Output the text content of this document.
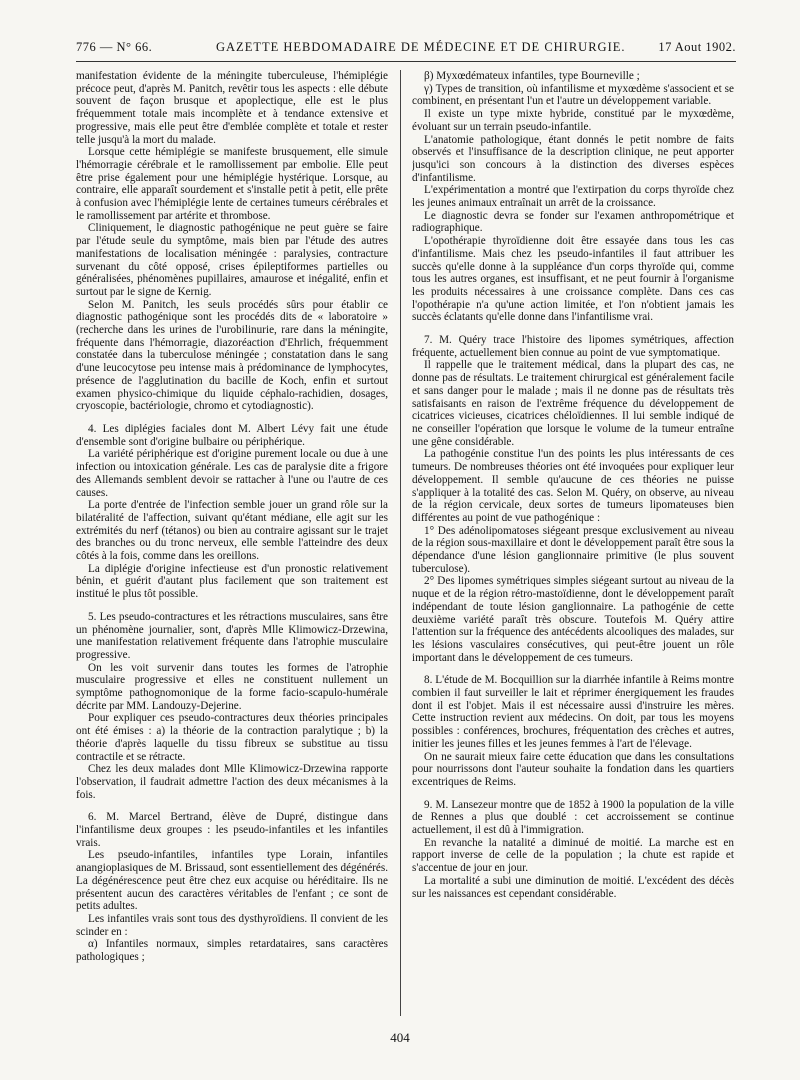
776 — N° 66.	GAZETTE HEBDOMADAIRE DE MÉDECINE ET DE CHIRURGIE.	17 Aout 1902.

manifestation évidente de la méningite tuberculeuse, l'hémiplégie précoce peut, d'après M. Panitch, revêtir tous les aspects : elle débute souvent de façon brusque et apoplectique, elle est le plus fréquemment totale mais incomplète et à tendance extensive et progressive, mais elle peut être d'emblée complète et totale et rester telle jusqu'à la mort du malade.

Lorsque cette hémiplégie se manifeste brusquement, elle simule l'hémorragie cérébrale et le ramollissement par embolie. Elle peut être prise également pour une hémiplégie hystérique. Lorsque, au contraire, elle apparaît sourdement et s'installe petit à petit, elle prête à confusion avec l'hémiplégie lente de certaines tumeurs cérébrales et le ramollissement par artérite et thrombose.

Cliniquement, le diagnostic pathogénique ne peut guère se faire par l'étude seule du symptôme, mais bien par l'étude des autres manifestations de localisation méningée : paralysies, contracture survenant du côté opposé, crises épileptiformes partielles ou généralisées, phénomènes pupillaires, amaurose et inégalité, enfin et surtout par le signe de Kernig.

Selon M. Panitch, les seuls procédés sûrs pour établir ce diagnostic pathogénique sont les procédés dits de « laboratoire » (recherche dans les urines de l'urobilinurie, rare dans la méningite, fréquente dans l'hémorragie, diazoréaction d'Ehrlich, fréquemment constatée dans la tuberculose méningée ; constatation dans le sang d'une leucocytose peu intense mais à prédominance de lymphocytes, présence de l'agglutination du bacille de Koch, enfin et surtout examen physico-chimique du liquide céphalo-rachidien, dosages, cryoscopie, bactériologie, chromo et cytodiagnostic).

4. Les diplégies faciales dont M. Albert Lévy fait une étude d'ensemble sont d'origine bulbaire ou périphérique.

La variété périphérique est d'origine purement locale ou due à une infection ou intoxication générale. Les cas de paralysie dite a frigore des Allemands semblent devoir se rattacher à l'une ou l'autre de ces causes.

La porte d'entrée de l'infection semble jouer un grand rôle sur la bilatéralité de l'affection, suivant qu'étant médiane, elle agit sur les extrémités du nerf (tétanos) ou bien au contraire agissant sur le trajet des branches ou du tronc nerveux, elle semble l'atteindre des deux côtés à la fois, comme dans les oreillons.

La diplégie d'origine infectieuse est d'un pronostic relativement bénin, et guérit d'autant plus facilement que son traitement est institué le plus tôt possible.

5. Les pseudo-contractures et les rétractions musculaires, sans être un phénomène journalier, sont, d'après Mlle Klimowicz-Drzewina, une manifestation relativement fréquente dans l'atrophie musculaire progressive.

On les voit survenir dans toutes les formes de l'atrophie musculaire progressive et elles ne constituent nullement un symptôme pathognomonique de la forme facio-scapulo-humérale décrite par MM. Landouzy-Dejerine.

Pour expliquer ces pseudo-contractures deux théories principales ont été émises : a) la théorie de la contraction paralytique ; b) la théorie d'après laquelle du tissu fibreux se substitue au tissu contractile et se rétracte.

Chez les deux malades dont Mlle Klimowicz-Drzewina rapporte l'observation, il faudrait admettre l'action des deux mécanismes à la fois.

6. M. Marcel Bertrand, élève de Dupré, distingue dans l'infantilisme deux groupes : les pseudo-infantiles et les infantiles vrais.

Les pseudo-infantiles, infantiles type Lorain, infantiles anangioplasiques de M. Brissaud, sont essentiellement des dégénérés. La dégénérescence peut être chez eux acquise ou héréditaire. Ils ne présentent aucun des caractères véritables de l'enfant ; ce sont de petits adultes.

Les infantiles vrais sont tous des dysthyroïdiens. Il convient de les scinder en :

α) Infantiles normaux, simples retardataires, sans caractères pathologiques ;

β) Myxœdémateux infantiles, type Bourneville ;

γ) Types de transition, où infantilisme et myxœdème s'associent et se combinent, en présentant l'un et l'autre un développement variable.

Il existe un type mixte hybride, constitué par le myxœdème, évoluant sur un terrain pseudo-infantile.

L'anatomie pathologique, étant donnés le petit nombre de faits observés et l'insuffisance de la description clinique, ne peut apporter jusqu'ici son concours à la distinction des diverses espèces d'infantilisme.

L'expérimentation a montré que l'extirpation du corps thyroïde chez les jeunes animaux entraînait un arrêt de la croissance.

Le diagnostic devra se fonder sur l'examen anthropométrique et radiographique.

L'opothérapie thyroïdienne doit être essayée dans tous les cas d'infantilisme. Mais chez les pseudo-infantiles il faut attribuer les succès qu'elle donne à la suppléance d'un corps thyroïde qui, comme tous les autres organes, est insuffisant, et ne peut fournir à l'organisme les produits nécessaires à une croissance complète. Dans ces cas l'opothérapie n'a qu'une action limitée, et l'on n'obtient jamais les succès éclatants qu'elle donne dans l'infantilisme vrai.

7. M. Quéry trace l'histoire des lipomes symétriques, affection fréquente, actuellement bien connue au point de vue symptomatique.

Il rappelle que le traitement médical, dans la plupart des cas, ne donne pas de résultats. Le traitement chirurgical est généralement facile et sans danger pour le malade ; mais il ne donne pas de résultats très satisfaisants en raison de l'extrême fréquence du développement de cicatrices vicieuses, cicatrices chéloïdiennes. Il lui semble indiqué de ne conseiller l'opération que lorsque le volume de la tumeur entraîne une gêne considérable.

La pathogénie constitue l'un des points les plus intéressants de ces tumeurs. De nombreuses théories ont été invoquées pour expliquer leur développement. Il semble qu'aucune de ces théories ne puisse s'appliquer à la totalité des cas. Selon M. Quéry, on observe, au niveau de la région cervicale, deux sortes de tumeurs lipomateuses bien différentes au point de vue pathogénique :

1° Des adénolipomatoses siégeant presque exclusivement au niveau de la région sous-maxillaire et dont le développement paraît être sous la dépendance d'une lésion ganglionnaire primitive (le plus souvent tuberculose).

2° Des lipomes symétriques simples siégeant surtout au niveau de la nuque et de la région rétro-mastoïdienne, dont le développement paraît indépendant de toute lésion ganglionnaire. La pathogénie de cette deuxième variété paraît très obscure. Toutefois M. Quéry attire l'attention sur la fréquence des antécédents alcooliques des malades, sur les lésions vasculaires consécutives, qui peut-être jouent un rôle important dans le développement de ces tumeurs.

8. L'étude de M. Bocquillion sur la diarrhée infantile à Reims montre combien il faut surveiller le lait et réprimer énergiquement les fraudes dont il est l'objet. Mais il est nécessaire aussi d'instruire les mères. Cette instruction revient aux médecins. On doit, par tous les moyens possibles : conférences, brochures, fréquentation des crèches et autres, initier les jeunes filles et les jeunes femmes à l'art de l'élevage.

On ne saurait mieux faire cette éducation que dans les consultations pour nourrissons dont l'auteur souhaite la fondation dans les quartiers excentriques de Reims.

9. M. Lansezeur montre que de 1852 à 1900 la population de la ville de Rennes a plus que doublé : cet accroissement se continue actuellement, il est dû à l'immigration.

En revanche la natalité a diminué de moitié. La marche est en rapport inverse de celle de la population ; la chute est rapide et s'accentue de jour en jour.

La mortalité a subi une diminution de moitié. L'excédent des décès sur les naissances est cependant considérable.

404
